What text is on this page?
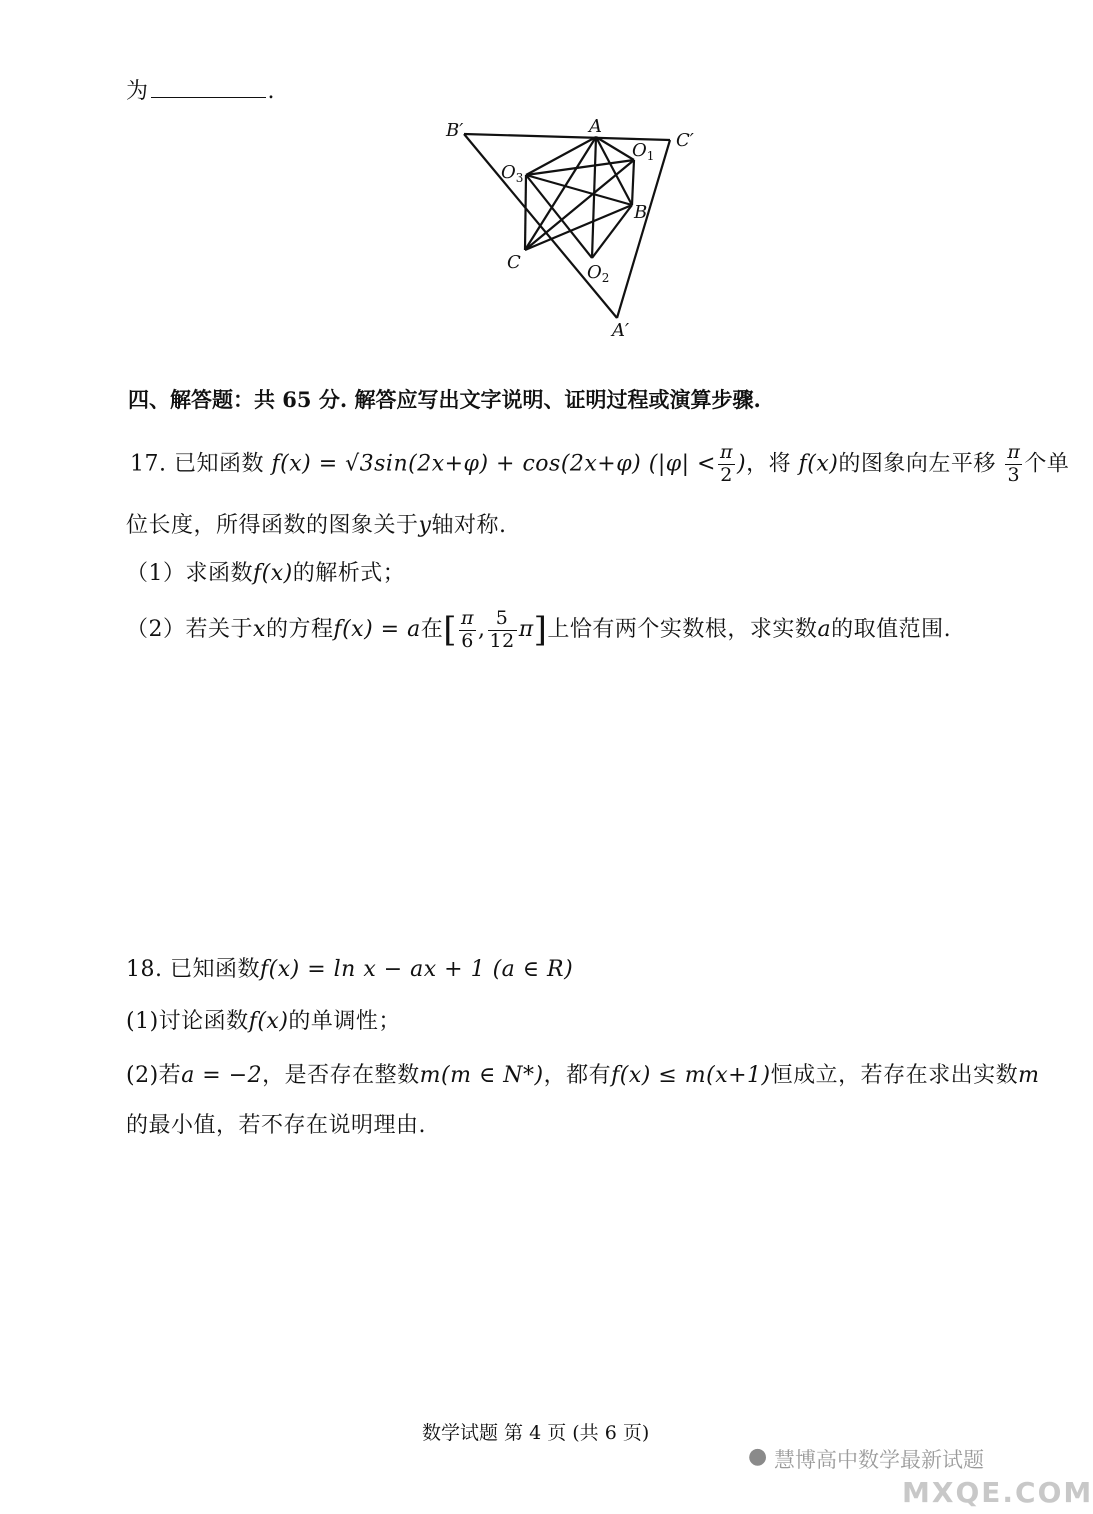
为	.
B′	A
C′
$O_1$
$O_3$
B
C	$O_2$
A′
四、解答题：共 65 分. 解答应写出文字说明、证明过程或演算步骤.
17. 已知函数 f(x) = √3sin(2x+φ) + cos(2x+φ) ($|\varphi| < \frac{\pi}{2}$ )，将 f(x)的图象向左平移 $\frac{\pi}{3}$ 个单
位长度，所得函数的图象关于y轴对称.
（1）求函数f(x)的解析式；
（2）若关于x的方程f(x) = a在[ $\frac{\pi}{6}$ , $\frac{5}{12} \pi$]上恰有两个实数根，求实数a的取值范围.
18. 已知函数f(x) = ln x − ax + 1 (a ∈ R)
(1)讨论函数f(x)的单调性；
(2)若a = −2，是否存在整数m(m ∈ N*)，都有f(x) ≤ m(x+1)恒成立，若存在求出实数m
的最小值，若不存在说明理由.
数学试题 第 4 页 (共 6 页)
● 慧博高中数学最新试题
MXQE.COM
